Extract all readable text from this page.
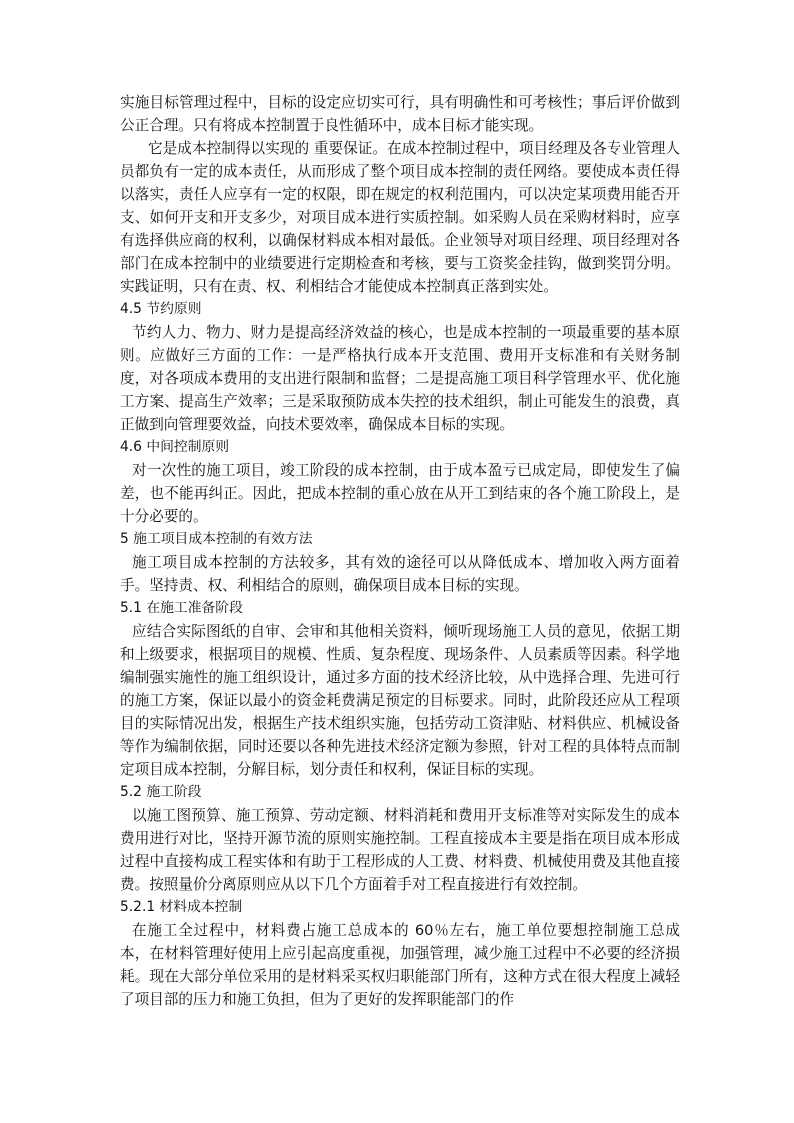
实施目标管理过程中，目标的设定应切实可行，具有明确性和可考核性；事后评价做到公正合理。只有将成本控制置于良性循环中，成本目标才能实现。

它是成本控制得以实现的 重要保证。在成本控制过程中，项目经理及各专业管理人员都负有一定的成本责任，从而形成了整个项目成本控制的责任网络。要使成本责任得以落实，责任人应享有一定的权限，即在规定的权利范围内，可以决定某项费用能否开支、如何开支和开支多少，对项目成本进行实质控制。如采购人员在采购材料时，应享有选择供应商的权利，以确保材料成本相对最低。企业领导对项目经理、项目经理对各部门在成本控制中的业绩要进行定期检查和考核，要与工资奖金挂钩，做到奖罚分明。实践证明，只有在责、权、利相结合才能使成本控制真正落到实处。

4.5 节约原则

节约人力、物力、财力是提高经济效益的核心，也是成本控制的一项最重要的基本原则。应做好三方面的工作：一是严格执行成本开支范围、费用开支标准和有关财务制度，对各项成本费用的支出进行限制和监督；二是提高施工项目科学管理水平、优化施工方案、提高生产效率；三是采取预防成本失控的技术组织，制止可能发生的浪费，真正做到向管理要效益，向技术要效率，确保成本目标的实现。

4.6 中间控制原则

对一次性的施工项目，竣工阶段的成本控制，由于成本盈亏已成定局，即使发生了偏差，也不能再纠正。因此，把成本控制的重心放在从开工到结束的各个施工阶段上，是十分必要的。

5 施工项目成本控制的有效方法

施工项目成本控制的方法较多，其有效的途径可以从降低成本、增加收入两方面着手。坚持责、权、利相结合的原则，确保项目成本目标的实现。

5.1 在施工准备阶段

应结合实际图纸的自审、会审和其他相关资料，倾听现场施工人员的意见，依据工期和上级要求，根据项目的规模、性质、复杂程度、现场条件、人员素质等因素。科学地编制强实施性的施工组织设计，通过多方面的技术经济比较，从中选择合理、先进可行的施工方案，保证以最小的资金耗费满足预定的目标要求。同时，此阶段还应从工程项目的实际情况出发，根据生产技术组织实施，包括劳动工资津贴、材料供应、机械设备等作为编制依据，同时还要以各种先进技术经济定额为参照，针对工程的具体特点而制定项目成本控制，分解目标，划分责任和权利，保证目标的实现。

5.2 施工阶段

以施工图预算、施工预算、劳动定额、材料消耗和费用开支标准等对实际发生的成本费用进行对比，坚持开源节流的原则实施控制。工程直接成本主要是指在项目成本形成过程中直接构成工程实体和有助于工程形成的人工费、材料费、机械使用费及其他直接费。按照量价分离原则应从以下几个方面着手对工程直接进行有效控制。

5.2.1 材料成本控制

在施工全过程中，材料费占施工总成本的 60％左右，施工单位要想控制施工总成本，在材料管理好使用上应引起高度重视，加强管理，减少施工过程中不必要的经济损耗。现在大部分单位采用的是材料采买权归职能部门所有，这种方式在很大程度上减轻了项目部的压力和施工负担，但为了更好的发挥职能部门的作
